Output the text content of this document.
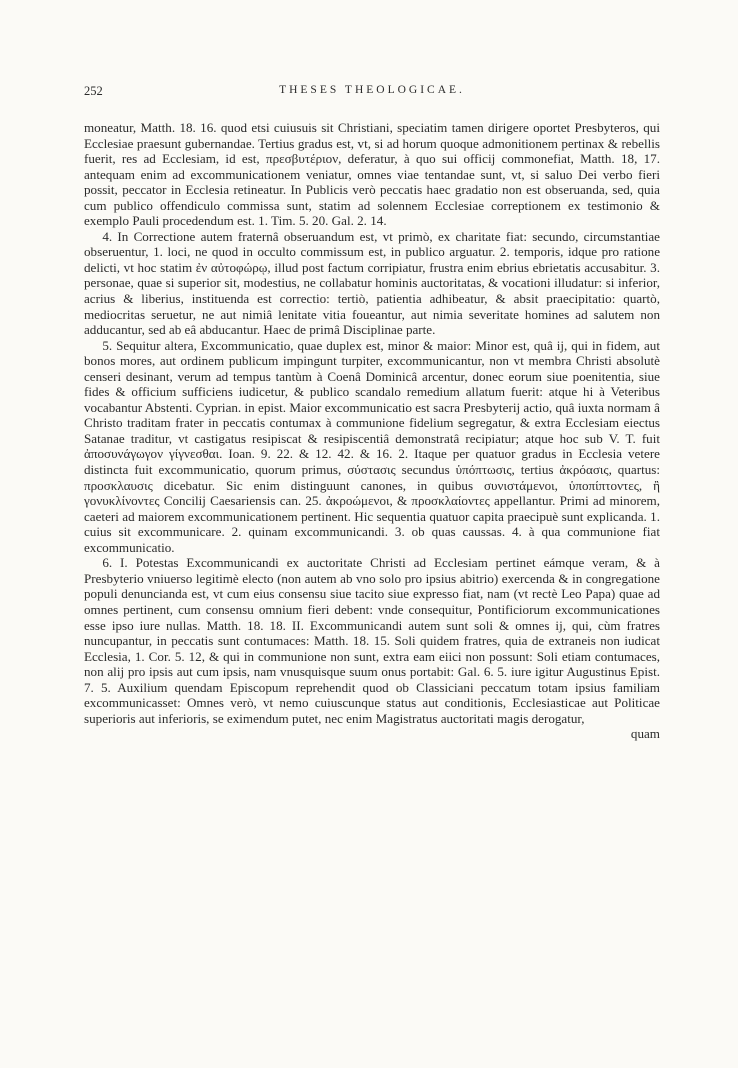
252	THESES THEOLOGICAE.

moneatur, Matth. 18. 16. quod etsi cuiusuis sit Christiani, speciatim tamen dirigere oportet Presbyteros, qui Ecclesiae praesunt gubernandae. Tertius gradus est, vt, si ad horum quoque admonitionem pertinax & rebellis fuerit, res ad Ecclesiam, id est, πρεσβυτέριον, deferatur, à quo sui officij commonefiat, Matth. 18, 17. antequam enim ad excommunicationem veniatur, omnes viae tentandae sunt, vt, si saluo Dei verbo fieri possit, peccator in Ecclesia retineatur. In Publicis verò peccatis haec gradatio non est obseruanda, sed, quia cum publico offendiculo commissa sunt, statim ad solennem Ecclesiae correptionem ex testimonio & exemplo Pauli procedendum est. 1. Tim. 5. 20. Gal. 2. 14.

4. In Correctione autem fraternâ obseruandum est, vt primò, ex charitate fiat: secundo, circumstantiae obseruentur, 1. loci, ne quod in occulto commissum est, in publico arguatur. 2. temporis, idque pro ratione delicti, vt hoc statim ἐν αὐτοφώρῳ, illud post factum corripiatur, frustra enim ebrius ebrietatis accusabitur. 3. personae, quae si superior sit, modestius, ne collabatur hominis auctoritatas, & vocationi illudatur: si inferior, acrius & liberius, instituenda est correctio: tertiò, patientia adhibeatur, & absit praecipitatio: quartò, mediocritas seruetur, ne aut nimiâ lenitate vitia foueantur, aut nimia severitate homines ad salutem non adducantur, sed ab eâ abducantur. Haec de primâ Disciplinae parte.

5. Sequitur altera, Excommunicatio, quae duplex est, minor & maior: Minor est, quâ ij, qui in fidem, aut bonos mores, aut ordinem publicum impingunt turpiter, excommunicantur, non vt membra Christi absolutè censeri desinant, verum ad tempus tantùm à Coenâ Dominicâ arcentur, donec eorum siue poenitentia, siue fides & officium sufficiens iudicetur, & publico scandalo remedium allatum fuerit: atque hi à Veteribus vocabantur Abstenti. Cyprian. in epist. Maior excommunicatio est sacra Presbyterij actio, quâ iuxta normam â Christo traditam frater in peccatis contumax à communione fidelium segregatur, & extra Ecclesiam eiectus Satanae traditur, vt castigatus resipiscat & resipiscentiâ demonstratâ recipiatur; atque hoc sub V. T. fuit ἀποσυνάγωγον γίγνεσθαι. Ioan. 9. 22. & 12. 42. & 16. 2. Itaque per quatuor gradus in Ecclesia vetere distincta fuit excommunicatio, quorum primus, σύστασις secundus ὑπόπτωσις, tertius ἀκρόασις, quartus: προσκλαυσις dicebatur. Sic enim distinguunt canones, in quibus συνιστάμενοι, ὑποπίπτοντες, ἢ γονυκλίνοντες Concilij Caesariensis can. 25. ἀκροώμενοι, & προσκλαίοντες appellantur. Primi ad minorem, caeteri ad maiorem excommunicationem pertinent. Hic sequentia quatuor capita praecipuè sunt explicanda. 1. cuius sit excommunicare. 2. quinam excommunicandi. 3. ob quas caussas. 4. à qua communione fiat excommunicatio.

6. I. Potestas Excommunicandi ex auctoritate Christi ad Ecclesiam pertinet eámque veram, & à Presbyterio vniuerso legitimè electo (non autem ab vno solo pro ipsius abitrio) exercenda & in congregatione populi denuncianda est, vt cum eius consensu siue tacito siue expresso fiat, nam (vt rectè Leo Papa) quae ad omnes pertinent, cum consensu omnium fieri debent: vnde consequitur, Pontificiorum excommunicationes esse ipso iure nullas. Matth. 18. 18. II. Excommunicandi autem sunt soli & omnes ij, qui, cùm fratres nuncupantur, in peccatis sunt contumaces: Matth. 18. 15. Soli quidem fratres, quia de extraneis non iudicat Ecclesia, 1. Cor. 5. 12, & qui in communione non sunt, extra eam eiici non possunt: Soli etiam contumaces, non alij pro ipsis aut cum ipsis, nam vnusquisque suum onus portabit: Gal. 6. 5. iure igitur Augustinus Epist. 7. 5. Auxilium quendam Episcopum reprehendit quod ob Classiciani peccatum totam ipsius familiam excommunicasset: Omnes verò, vt nemo cuiuscunque status aut conditionis, Ecclesiasticae aut Politicae superioris aut inferioris, se eximendum putet, nec enim Magistratus auctoritati magis derogatur,

quam
